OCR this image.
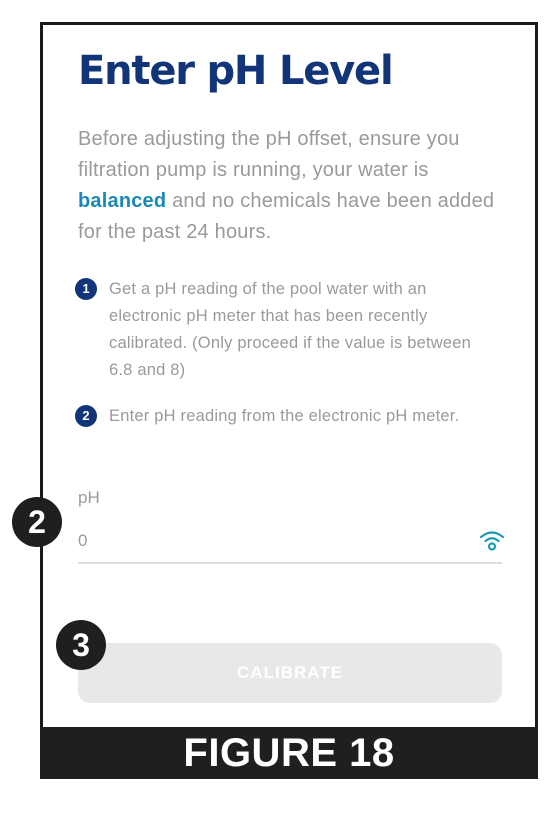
Enter pH Level

Before adjusting the pH offset, ensure you filtration pump is running, your water is balanced and no chemicals have been added for the past 24 hours.

1	Get a pH reading of the pool water with an electronic pH meter that has been recently calibrated. (Only proceed if the value is between 6.8 and 8)
2	Enter pH reading from the electronic pH meter.
pH
0
CALIBRATE
2
3
FIGURE 18
